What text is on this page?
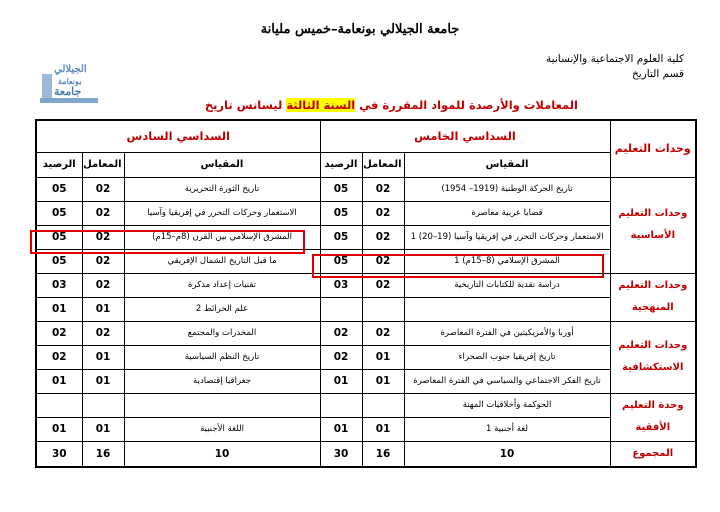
جامعة الجيلالي بونعامة–خميس مليانة
كلية العلوم الاجتماعية والإنسانية
قسم التاريخ
الجيلالي
بونعامة
جامعة
المعاملات والأرصدة للمواد المقررة في السنة الثالثة ليسانس تاريخ
وحدات التعليم	السداسي الخامس			السداسي السادس		
	المقياس	المعامل	الرصيد	المقياس	المعامل	الرصيد
وحدات التعليم الأساسية	تاريخ الحركة الوطنية (1919– 1954)	02	05	تاريخ الثورة التحريرية	02	05
	قضايا عربية معاصرة	02	05	الاستعمار وحركات التحرر في إفريقيا وآسيا	02	05
	الاستعمار وحركات التحرر في إفريقيا وآسيا (19–20) 1	02	05	المشرق الإسلامي بين القرن (8م–15م)	02	05
	المشرق الإسلامي (8–15م) 1	02	05	ما قبل التاريخ الشمال الإفريقي	02	05
وحدات التعليم المنهجية	دراسة نقدية للكتابات التاريخية	02	03	تقنيات إعداد مذكرة	02	03
				علم الخرائط 2	01	01
وحدات التعليم الاستكشافية	أوربا والأمريكيتين في الفترة المعاصرة	02	02	المخدرات والمجتمع	02	02
	تاريخ إفريقيا جنوب الصحراء	01	02	تاريخ النظم السياسية	01	02
	تاريخ الفكر الاجتماعي والسياسي في الفترة المعاصرة	01	01	جغرافيا إقتصادية	01	01
وحدة التعليم الأفقية	الحوكمة وأخلاقيات المهنة					
	لغة أجنبية 1	01	01	اللغة الأجنبية	01	01
المجموع	10	16	30	10	16	30
